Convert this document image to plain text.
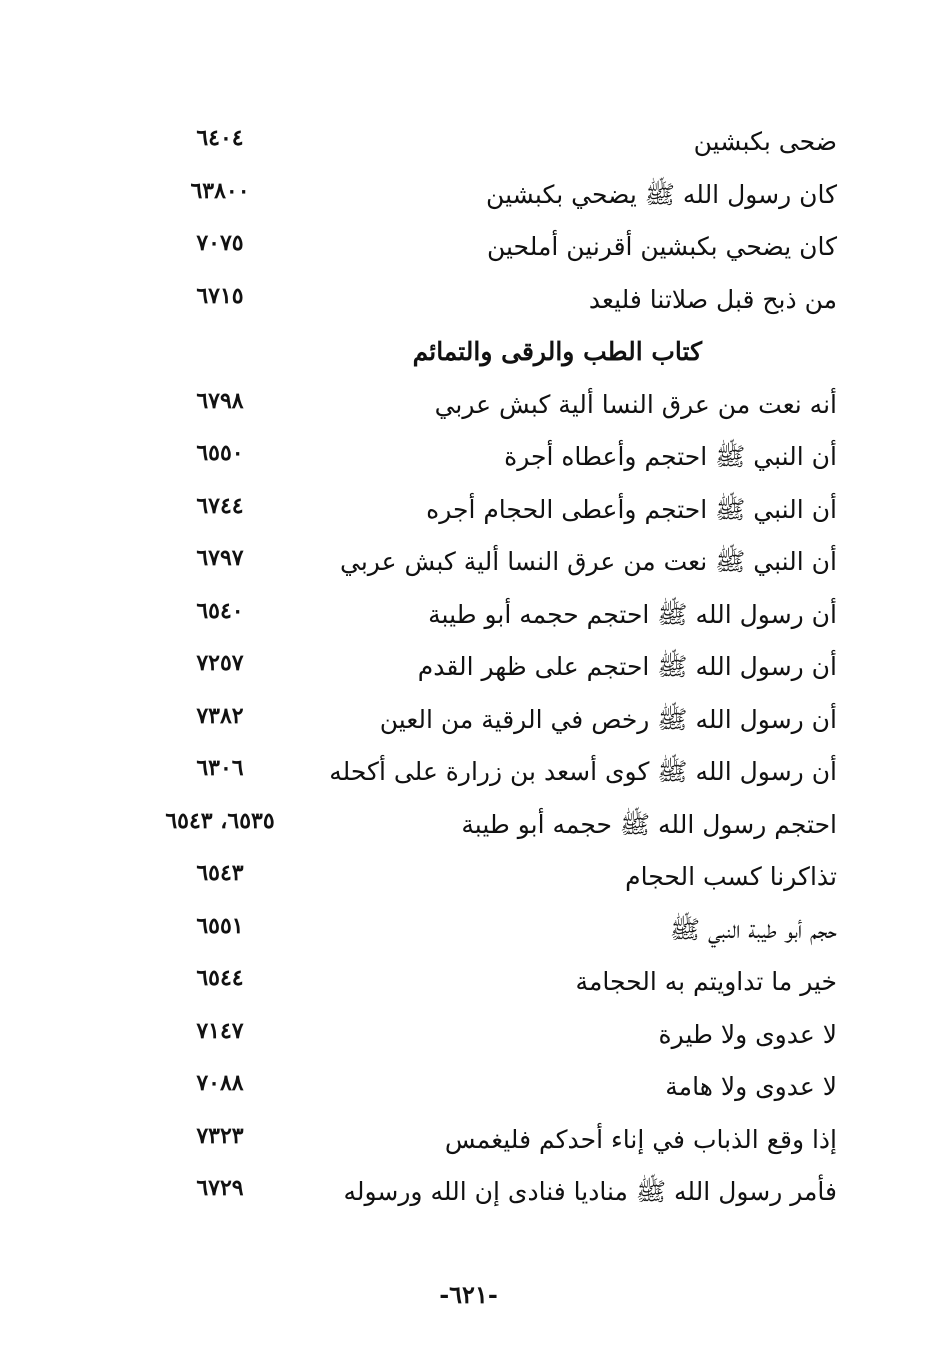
ضحى بكبشين
٦٤٠٤
كان رسول الله ﷺ يضحي بكبشين
٦٣٨٠٠
كان يضحي بكبشين أقرنين أملحين
٧٠٧٥
من ذبح قبل صلاتنا فليعد
٦٧١٥
كتاب الطب والرقى والتمائم
أنه نعت من عرق النسا ألية كبش عربي
٦٧٩٨
أن النبي ﷺ احتجم وأعطاه أجرة
٦٥٥٠
أن النبي ﷺ احتجم وأعطى الحجام أجره
٦٧٤٤
أن النبي ﷺ نعت من عرق النسا ألية كبش عربي
٦٧٩٧
أن رسول الله ﷺ احتجم حجمه أبو طيبة
٦٥٤٠
أن رسول الله ﷺ احتجم على ظهر القدم
٧٢٥٧
أن رسول الله ﷺ رخص في الرقية من العين
٧٣٨٢
أن رسول الله ﷺ كوى أسعد بن زرارة على أكحله
٦٣٠٦
احتجم رسول الله ﷺ حجمه أبو طيبة
٦٥٣٥، ٦٥٤٣
تذاكرنا كسب الحجام
٦٥٤٣
حجم أبو طيبة النبي ﷺ
٦٥٥١
خير ما تداويتم به الحجامة
٦٥٤٤
لا عدوى ولا طيرة
٧١٤٧
لا عدوى ولا هامة
٧٠٨٨
إذا وقع الذباب في إناء أحدكم فليغمس
٧٣٢٣
فأمر رسول الله ﷺ مناديا فنادى إن الله ورسوله
٦٧٢٩
-٦٢١-
